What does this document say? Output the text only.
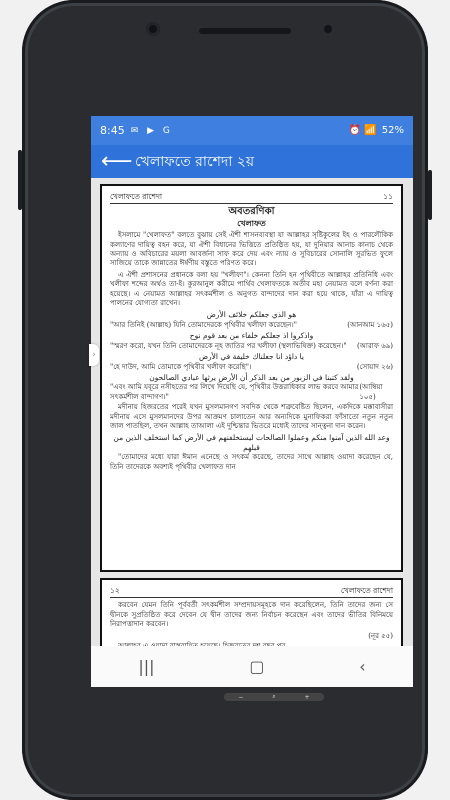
8:45 ✉ ▶ G	⏰ 📶 52%
⟵ খেলাফতে রাশেদা ২য়
খেলাফতে রাশেদা	১১
অবতরণিকা
খেলাফত

ইসলামে "খেলাফত" বলতে বুঝায় সেই ঐশী শাসনব্যবস্থা যা আল্লাহর সৃষ্টিকুলের ইহ ও পারলৌকিক কল্যাণের দায়িত্ব বহন করে, যা ঐশী বিধানের ভিত্তিতে প্রতিষ্ঠিত হয়, যা দুনিয়ার আনাচ কানাচ থেকে অন্যায় ও অবিচারের ময়লা আবর্জনা সাফ করে দেয় এবং ন্যায় ও সুবিচারের সোনালি সুরভিত ফুলে সাজিয়ে তাকে জান্নাতের ঈর্ষণীয় বস্তুতে পরিণত করে।

এ ঐশী প্রশাসনের প্রধানকে বলা হয় "খলীফা"। কেননা তিনি হন পৃথিবীতে আল্লাহর প্রতিনিধি এবং খলীফা শব্দের অর্থও তা-ই। কুরআনুল করীমে পার্থিব খেলাফতকে অতীব মহা নেয়ামত বলে বর্ণনা করা হয়েছে। এ নেয়ামত আল্লাহর সৎকর্মশীল ও অনুগত বান্দাদের দান করা হয়ে থাকে, যাঁরা এ দায়িত্ব পালনের যোগ্যতা রাখেন।

هو الذي جعلكم خلائف الأرض
"আর তিনিই (আল্লাহ) যিনি তোমাদেরকে পৃথিবীর খলীফা করেছেন।"	(আনআম ১৬৫)
واذكروا اذ جعلكم خلفاء من بعد قوم نوح
"স্মরণ করো, যখন তিনি তোমাদেরকে নূহ জাতির পর খলীফা (স্থলাভিষিক্ত) করেছেন।" (আরাফ ৬৯)
يا داؤد انا جعلناك خليفة في الأرض
"হে দাউদ, আমি তোমাকে পৃথিবীর খলীফা করেছি"।	(সোয়াদ ২৬)
ولقد كتبنا في الزبور من بعد الذكر أن الأرض يرثها عبادي الصالحون
"এবং আমি যবূরে নসীহতের পর লিখে দিয়েছি যে, পৃথিবীর উত্তরাধিকার লাভ করবে আমার সৎকর্মশীল বান্দাগণ।"
(আম্বিয়া ১০৫)

মদীনায় হিজরতের পরেই যখন মুসলমানগণ সবদিক থেকে শত্রুবেষ্টিত ছিলেন, একদিকে মক্কাবাসীরা মদীনায় এসে মুসলমানদের উপর আক্রমণ চালাতেন আর অন্যদিকে মুনাফিকরা ফাঁসাতো নতুন নতুন জাল পাতছিল, তখন আল্লাহ তাআলা এই দুশ্চিন্তার ভিতরে মধ্যেই তাদের সান্ত্বনা দান করেন।

وعد الله الذين آمنوا منكم وعملوا الصالحات ليستخلفنهم في الأرض كما استخلف الذين من قبلهم

"তোমাদের মধ্যে যারা ঈমান এনেছে ও সৎকর্ম করেছে, তাদের সাথে আল্লাহ ওয়াদা করেছেন যে, তিনি তাদেরকে অবশ্যই পৃথিবীর খেলাফত দান

১২	খেলাফতে রাশেদা

করবেন যেমন তিনি পূর্ববর্তী সৎকর্মশীল সম্প্রদায়সমূহকে দান করেছিলেন, তিনি তাদের জন্য সে দ্বীনকে সুপ্রতিষ্ঠিত করে দেবেন যে দ্বীন তাদের জন্য নির্বাচন করেছেন এবং তাদের ভীতির বিনিময়ে নিরাপত্তাদান করবেন।

(নূর ৫৫)

›
−	⌕	+
|||	▢	‹
